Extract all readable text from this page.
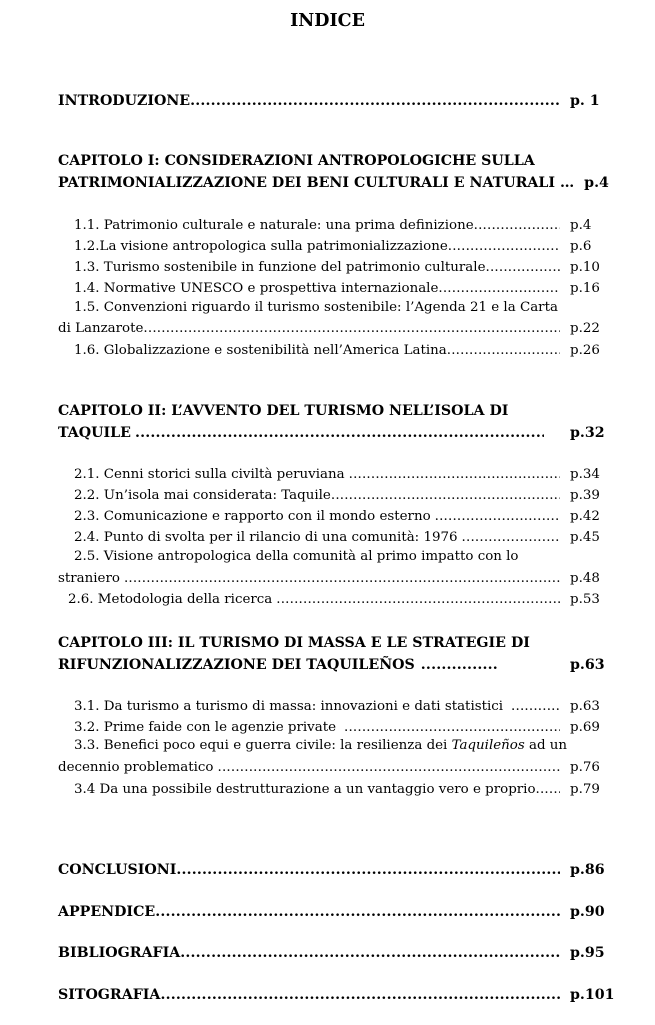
INDICE
INTRODUZIONE .....	p. 1
CAPITOLO I: CONSIDERAZIONI ANTROPOLOGICHE SULLA
PATRIMONIALIZZAZIONE DEI BENI CULTURALI E NATURALI … p.4
1.1. Patrimonio culturale e naturale: una prima definizione .....	p.4
1.2.La visione antropologica sulla patrimonializzazione .....	p.6
1.3. Turismo sostenibile in funzione del patrimonio culturale .....	p.10
1.4. Normative UNESCO e prospettiva internazionale .....	p.16
1.5. Convenzioni riguardo il turismo sostenibile: l’Agenda 21 e la Carta
di Lanzarote .....	p.22
1.6. Globalizzazione e sostenibilità nell’America Latina .....	p.26
CAPITOLO II: L’AVVENTO DEL TURISMO NELL’ISOLA DI
TAQUILE .....	p.32
2.1. Cenni storici sulla civiltà peruviana .....	p.34
2.2. Un’isola mai considerata: Taquile .....	p.39
2.3. Comunicazione e rapporto con il mondo esterno .....	p.42
2.4. Punto di svolta per il rilancio di una comunità: 1976 .....	p.45
2.5. Visione antropologica della comunità al primo impatto con lo
straniero .....	p.48
2.6. Metodologia della ricerca .....	p.53
CAPITOLO III: IL TURISMO DI MASSA E LE STRATEGIE DI
RIFUNZIONALIZZAZIONE DEI TAQUILEÑOS .....	p.63
3.1. Da turismo a turismo di massa: innovazioni e dati statistici .....	p.63
3.2. Prime faide con le agenzie private .....	p.69
3.3. Benefici poco equi e guerra civile: la resilienza dei Taquileños ad un
decennio problematico .....	p.76
3.4 Da una possibile destrutturazione a un vantaggio vero e proprio .....	p.79
CONCLUSIONI .....	p.86
APPENDICE .....	p.90
BIBLIOGRAFIA .....	p.95
SITOGRAFIA .....	p.101
